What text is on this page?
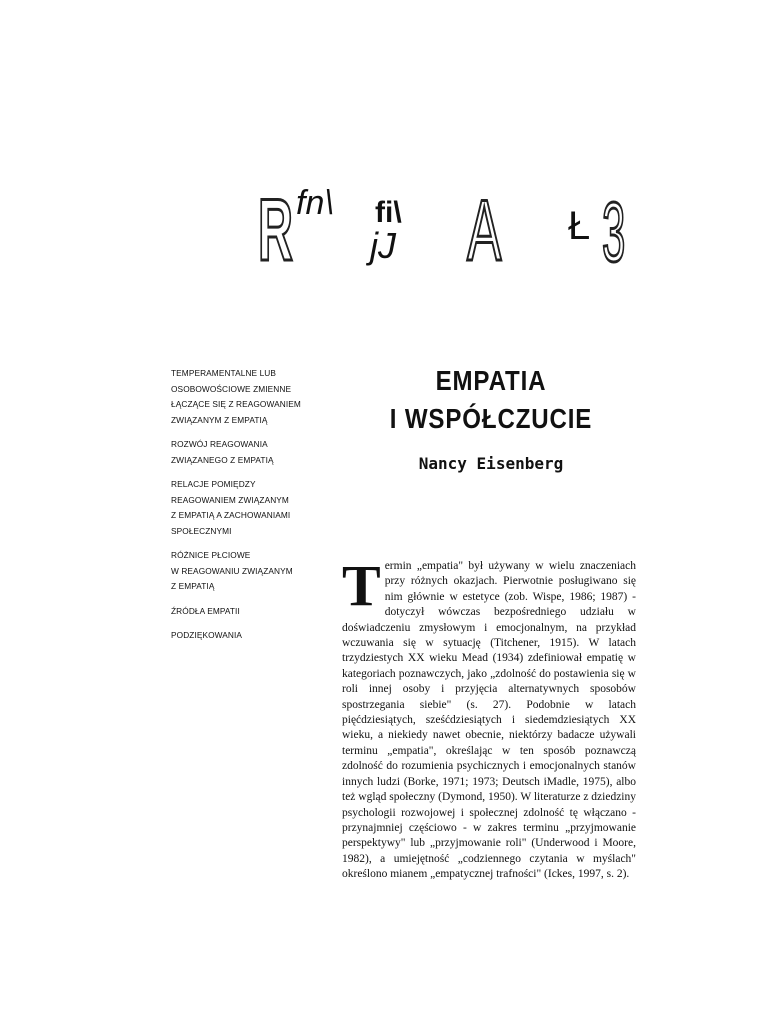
R fn\ fi\
jJ A Ł 3
TEMPERAMENTALNE LUB
OSOBOWOŚCIOWE ZMIENNE
ŁĄCZĄCE SIĘ Z REAGOWANIEM
ZWIĄZANYM Z EMPATIĄ
ROZWÓJ REAGOWANIA
ZWIĄZANEGO Z EMPATIĄ
RELACJE POMIĘDZY
REAGOWANIEM ZWIĄZANYM
Z EMPATIĄ A ZACHOWANIAMI
SPOŁECZNYMI
RÓŻNICE PŁCIOWE
W REAGOWANIU ZWIĄZANYM
Z EMPATIĄ
ŹRÓDŁA EMPATII
PODZIĘKOWANIA
EMPATIA
I WSPÓŁCZUCIE
Nancy Eisenberg
Termin „empatia" był używany w wielu znaczeniach przy różnych okazjach. Pierwotnie posługiwano się nim głównie w estetyce (zob. Wispe, 1986; 1987) - dotyczył wówczas bezpośredniego udziału w doświadczeniu zmysłowym i emocjonalnym, na przykład wczuwania się w sytuację (Titchener, 1915). W latach trzydziestych XX wieku Mead (1934) zdefiniował empatię w kategoriach poznawczych, jako „zdolność do postawienia się w roli innej osoby i przyjęcia alternatywnych sposobów spostrzegania siebie" (s. 27). Podobnie w latach pięćdziesiątych, sześćdziesiątych i siedemdziesiątych XX wieku, a niekiedy nawet obecnie, niektórzy badacze używali terminu „empatia", określając w ten sposób poznawczą zdolność do rozumienia psychicznych i emocjonalnych stanów innych ludzi (Borke, 1971; 1973; Deutsch iMadle, 1975), albo też wgląd społeczny (Dymond, 1950). W literaturze z dziedziny psychologii rozwojowej i społecznej zdolność tę włączano - przynajmniej częściowo - w zakres terminu „przyjmowanie perspektywy" lub „przyjmowanie roli" (Underwood i Moore, 1982), a umiejętność „codziennego czytania w myślach" określono mianem „empatycznej trafności" (Ickes, 1997, s. 2).
